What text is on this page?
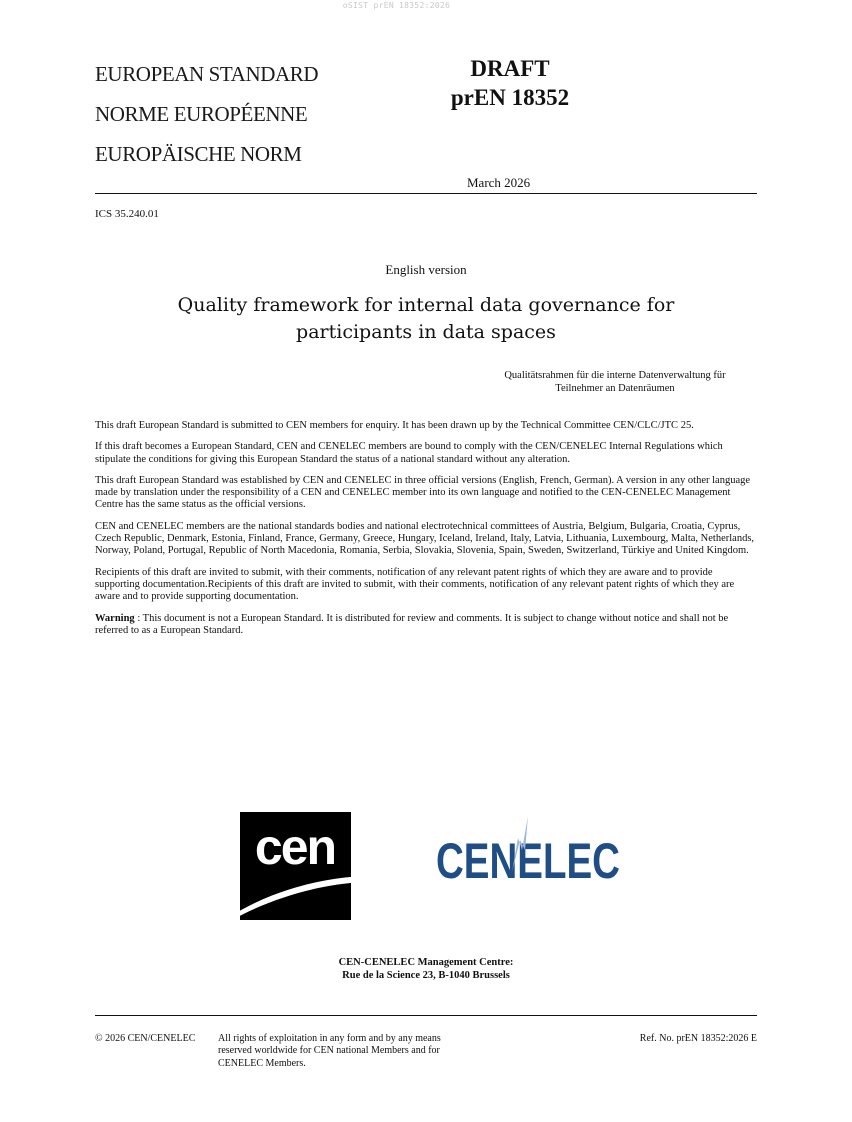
oSIST prEN 18352:2026
EUROPEAN STANDARD
NORME EUROPÉENNE
EUROPÄISCHE NORM
DRAFT
prEN 18352
March 2026
ICS 35.240.01
English version
Quality framework for internal data governance for
participants in data spaces
Qualitätsrahmen für die interne Datenverwaltung für
Teilnehmer an Datenräumen

This draft European Standard is submitted to CEN members for enquiry. It has been drawn up by the Technical Committee CEN/CLC/JTC 25.

If this draft becomes a European Standard, CEN and CENELEC members are bound to comply with the CEN/CENELEC Internal Regulations which stipulate the conditions for giving this European Standard the status of a national standard without any alteration.

This draft European Standard was established by CEN and CENELEC in three official versions (English, French, German). A version in any other language made by translation under the responsibility of a CEN and CENELEC member into its own language and notified to the CEN-CENELEC Management Centre has the same status as the official versions.

CEN and CENELEC members are the national standards bodies and national electrotechnical committees of Austria, Belgium, Bulgaria, Croatia, Cyprus, Czech Republic, Denmark, Estonia, Finland, France, Germany, Greece, Hungary, Iceland, Ireland, Italy, Latvia, Lithuania, Luxembourg, Malta, Netherlands, Norway, Poland, Portugal, Republic of North Macedonia, Romania, Serbia, Slovakia, Slovenia, Spain, Sweden, Switzerland, Türkiye and United Kingdom.

Recipients of this draft are invited to submit, with their comments, notification of any relevant patent rights of which they are aware and to provide supporting documentation.Recipients of this draft are invited to submit, with their comments, notification of any relevant patent rights of which they are aware and to provide supporting documentation.

Warning : This document is not a European Standard. It is distributed for review and comments. It is subject to change without notice and shall not be referred to as a European Standard.

cen CENELEC
CEN-CENELEC Management Centre:
Rue de la Science 23, B-1040 Brussels
© 2026 CEN/CENELEC All rights of exploitation in any form and by any means
reserved worldwide for CEN national Members and for
CENELEC Members.
Ref. No. prEN 18352:2026 E
